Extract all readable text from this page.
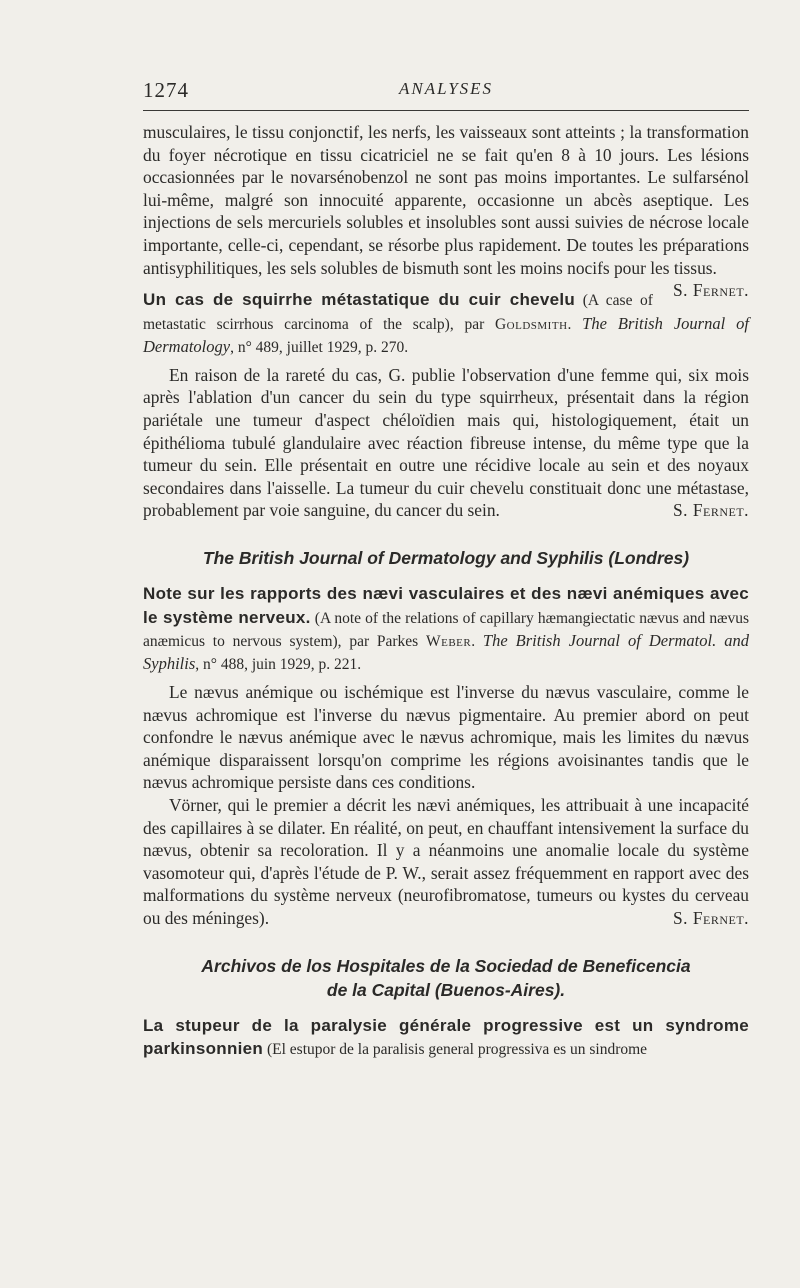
1274	ANALYSES

musculaires, le tissu conjonctif, les nerfs, les vaisseaux sont atteints ; la transformation du foyer nécrotique en tissu cicatriciel ne se fait qu'en 8 à 10 jours. Les lésions occasionnées par le novarsénobenzol ne sont pas moins importantes. Le sulfarsénol lui-même, malgré son innocuité apparente, occasionne un abcès aseptique. Les injections de sels mercuriels solubles et insolubles sont aussi suivies de nécrose locale importante, celle-ci, cependant, se résorbe plus rapidement. De toutes les préparations antisyphilitiques, les sels solubles de bismuth sont les moins nocifs pour les tissus.
S. Fernet.

Un cas de squirrhe métastatique du cuir chevelu (A case of metastatic scirrhous carcinoma of the scalp), par Goldsmith. The British Journal of Dermatology, n° 489, juillet 1929, p. 270.

En raison de la rareté du cas, G. publie l'observation d'une femme qui, six mois après l'ablation d'un cancer du sein du type squirrheux, présentait dans la région pariétale une tumeur d'aspect chéloïdien mais qui, histologiquement, était un épithélioma tubulé glandulaire avec réaction fibreuse intense, du même type que la tumeur du sein. Elle présentait en outre une récidive locale au sein et des noyaux secondaires dans l'aisselle. La tumeur du cuir chevelu constituait donc une métastase, probablement par voie sanguine, du cancer du sein.	S. Fernet.

The British Journal of Dermatology and Syphilis (Londres)

Note sur les rapports des nævi vasculaires et des nævi anémiques avec le système nerveux. (A note of the relations of capillary hæmangiectatic nævus and nævus anæmicus to nervous system), par Parkes Weber. The British Journal of Dermatol. and Syphilis, n° 488, juin 1929, p. 221.

Le nævus anémique ou ischémique est l'inverse du nævus vasculaire, comme le nævus achromique est l'inverse du nævus pigmentaire. Au premier abord on peut confondre le nævus anémique avec le nævus achromique, mais les limites du nævus anémique disparaissent lorsqu'on comprime les régions avoisinantes tandis que le nævus achromique persiste dans ces conditions.

Vörner, qui le premier a décrit les nævi anémiques, les attribuait à une incapacité des capillaires à se dilater. En réalité, on peut, en chauffant intensivement la surface du nævus, obtenir sa recoloration. Il y a néanmoins une anomalie locale du système vasomoteur qui, d'après l'étude de P. W., serait assez fréquemment en rapport avec des malformations du système nerveux (neurofibromatose, tumeurs ou kystes du cerveau ou des méninges).	S. Fernet.

Archivos de los Hospitales de la Sociedad de Beneficencia
de la Capital (Buenos-Aires).

La stupeur de la paralysie générale progressive est un syndrome parkinsonnien (El estupor de la paralisis general progressiva es un sindrome
